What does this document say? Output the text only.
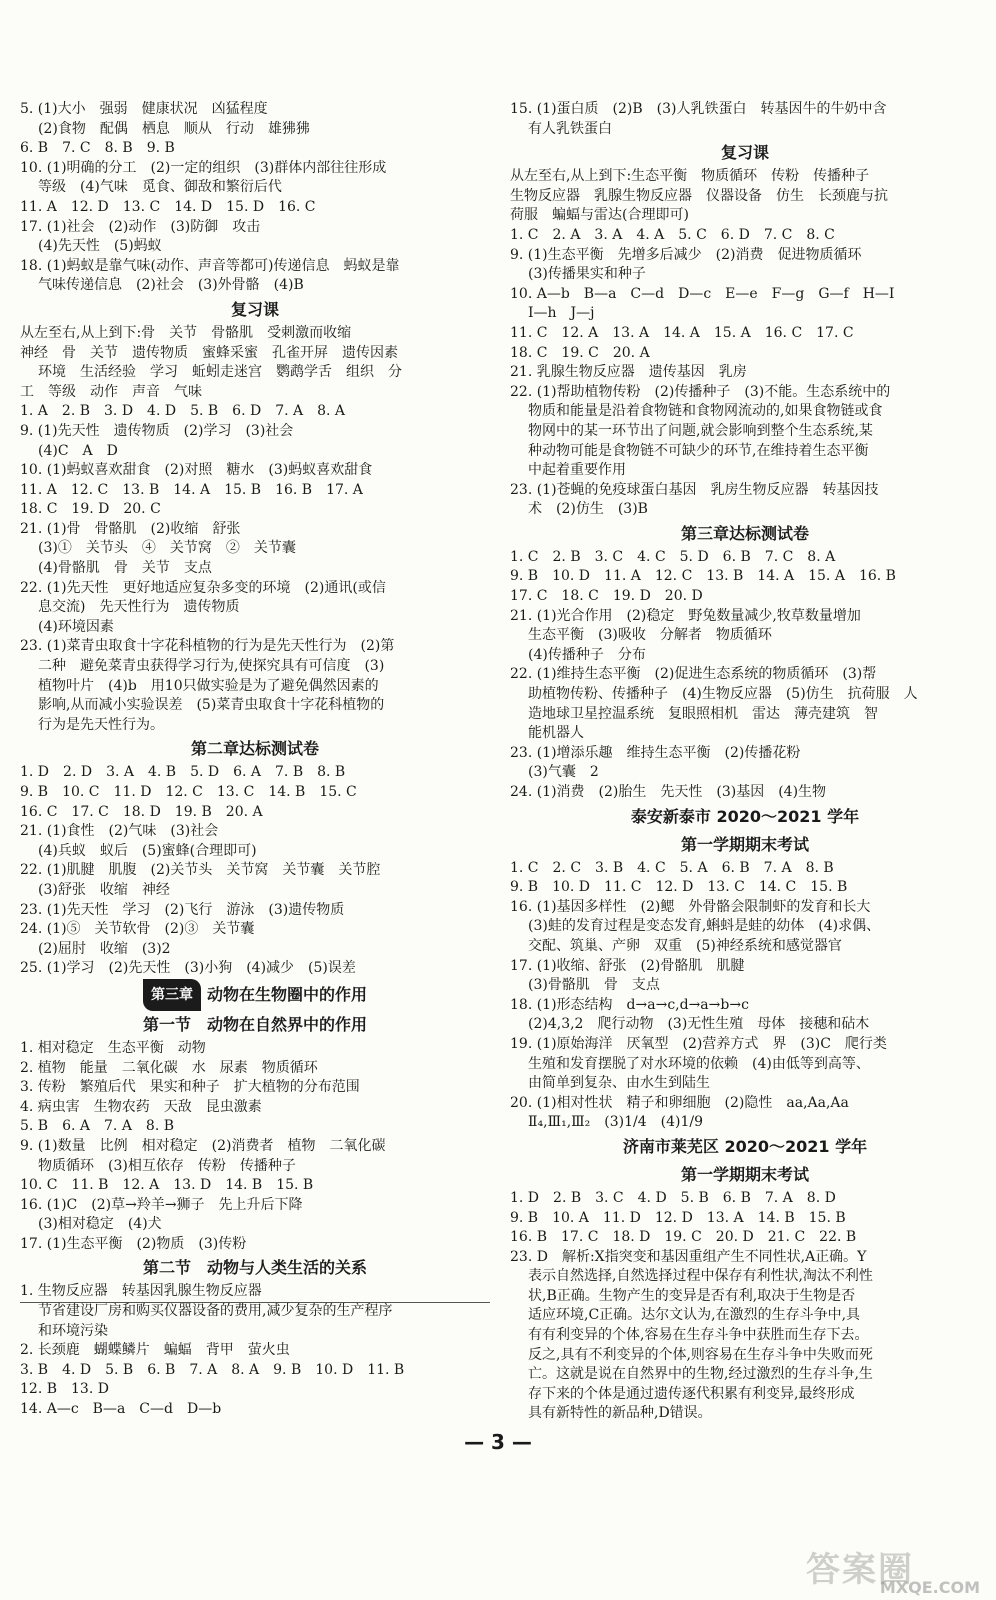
5. (1)大小　强弱　健康状况　凶猛程度
(2)食物　配偶　栖息　顺从　行动　雄狒狒
6. B　7. C　8. B　9. B
10. (1)明确的分工　(2)一定的组织　(3)群体内部往往形成
等级　(4)气味　觅食、御敌和繁衍后代
11. A　12. D　13. C　14. D　15. D　16. C
17. (1)社会　(2)动作　(3)防御　攻击
(4)先天性　(5)蚂蚁
18. (1)蚂蚁是靠气味(动作、声音等都可)传递信息　蚂蚁是靠
气味传递信息　(2)社会　(3)外骨骼　(4)B
复习课
从左至右,从上到下:骨　关节　骨骼肌　受刺激而收缩
神经　骨　关节　遗传物质　蜜蜂采蜜　孔雀开屏　遗传因素
环境　生活经验　学习　蚯蚓走迷宫　鹦鹉学舌　组织　分
工　等级　动作　声音　气味
1. A　2. B　3. D　4. D　5. B　6. D　7. A　8. A
9. (1)先天性　遗传物质　(2)学习　(3)社会
(4)C　A　D
10. (1)蚂蚁喜欢甜食　(2)对照　糖水　(3)蚂蚁喜欢甜食
11. A　12. C　13. B　14. A　15. B　16. B　17. A
18. C　19. D　20. C
21. (1)骨　骨骼肌　(2)收缩　舒张
(3)①　关节头　④　关节窝　②　关节囊
(4)骨骼肌　骨　关节　支点
22. (1)先天性　更好地适应复杂多变的环境　(2)通讯(或信
息交流)　先天性行为　遗传物质
(4)环境因素
23. (1)菜青虫取食十字花科植物的行为是先天性行为　(2)第
二种　避免菜青虫获得学习行为,使探究具有可信度　(3)
植物叶片　(4)b　用10只做实验是为了避免偶然因素的
影响,从而减小实验误差　(5)菜青虫取食十字花科植物的
行为是先天性行为。
第二章达标测试卷
1. D　2. D　3. A　4. B　5. D　6. A　7. B　8. B
9. B　10. C　11. D　12. C　13. C　14. B　15. C
16. C　17. C　18. D　19. B　20. A
21. (1)食性　(2)气味　(3)社会
(4)兵蚁　蚁后　(5)蜜蜂(合理即可)
22. (1)肌腱　肌腹　(2)关节头　关节窝　关节囊　关节腔
(3)舒张　收缩　神经
23. (1)先天性　学习　(2)飞行　游泳　(3)遗传物质
24. (1)⑤　关节软骨　(2)③　关节囊
(2)屈肘　收缩　(3)2
25. (1)学习　(2)先天性　(3)小狗　(4)减少　(5)误差
第三章 动物在生物圈中的作用
第一节　动物在自然界中的作用
1. 相对稳定　生态平衡　动物
2. 植物　能量　二氧化碳　水　尿素　物质循环
3. 传粉　繁殖后代　果实和种子　扩大植物的分布范围
4. 病虫害　生物农药　天敌　昆虫激素
5. B　6. A　7. A　8. B
9. (1)数量　比例　相对稳定　(2)消费者　植物　二氧化碳
物质循环　(3)相互依存　传粉　传播种子
10. C　11. B　12. A　13. D　14. B　15. B
16. (1)C　(2)草→羚羊→狮子　先上升后下降
(3)相对稳定　(4)犬
17. (1)生态平衡　(2)物质　(3)传粉
第二节　动物与人类生活的关系
1. 生物反应器　转基因乳腺生物反应器
节省建设厂房和购买仪器设备的费用,减少复杂的生产程序
和环境污染
2. 长颈鹿　蝴蝶鳞片　蝙蝠　背甲　萤火虫
3. B　4. D　5. B　6. B　7. A　8. A　9. B　10. D　11. B
12. B　13. D
14. A—c　B—a　C—d　D—b
15. (1)蛋白质　(2)B　(3)人乳铁蛋白　转基因牛的牛奶中含
有人乳铁蛋白
复习课
从左至右,从上到下:生态平衡　物质循环　传粉　传播种子
生物反应器　乳腺生物反应器　仪器设备　仿生　长颈鹿与抗
荷服　蝙蝠与雷达(合理即可)
1. C　2. A　3. A　4. A　5. C　6. D　7. C　8. C
9. (1)生态平衡　先增多后减少　(2)消费　促进物质循环
(3)传播果实和种子
10. A—b　B—a　C—d　D—c　E—e　F—g　G—f　H—I
I—h　J—j
11. C　12. A　13. A　14. A　15. A　16. C　17. C
18. C　19. C　20. A
21. 乳腺生物反应器　遗传基因　乳房
22. (1)帮助植物传粉　(2)传播种子　(3)不能。生态系统中的
物质和能量是沿着食物链和食物网流动的,如果食物链或食
物网中的某一环节出了问题,就会影响到整个生态系统,某
种动物可能是食物链不可缺少的环节,在维持着生态平衡
中起着重要作用
23. (1)苍蝇的免疫球蛋白基因　乳房生物反应器　转基因技
术　(2)仿生　(3)B
第三章达标测试卷
1. C　2. B　3. C　4. C　5. D　6. B　7. C　8. A
9. B　10. D　11. A　12. C　13. B　14. A　15. A　16. B
17. C　18. C　19. D　20. D
21. (1)光合作用　(2)稳定　野兔数量减少,牧草数量增加
生态平衡　(3)吸收　分解者　物质循环
(4)传播种子　分布
22. (1)维持生态平衡　(2)促进生态系统的物质循环　(3)帮
助植物传粉、传播种子　(4)生物反应器　(5)仿生　抗荷服　人
造地球卫星控温系统　复眼照相机　雷达　薄壳建筑　智
能机器人
23. (1)增添乐趣　维持生态平衡　(2)传播花粉
(3)气囊　2
24. (1)消费　(2)胎生　先天性　(3)基因　(4)生物
泰安新泰市 2020～2021 学年
第一学期期末考试
1. C　2. C　3. B　4. C　5. A　6. B　7. A　8. B
9. B　10. D　11. C　12. D　13. C　14. C　15. B
16. (1)基因多样性　(2)鳃　外骨骼会限制虾的发育和长大
(3)蛙的发育过程是变态发育,蝌蚪是蛙的幼体　(4)求偶、
交配、筑巢、产卵　双重　(5)神经系统和感觉器官
17. (1)收缩、舒张　(2)骨骼肌　肌腱
(3)骨骼肌　骨　支点
18. (1)形态结构　d→a→c,d→a→b→c
(2)4,3,2　爬行动物　(3)无性生殖　母体　接穗和砧木
19. (1)原始海洋　厌氧型　(2)营养方式　界　(3)C　爬行类
生殖和发育摆脱了对水环境的依赖　(4)由低等到高等、
由简单到复杂、由水生到陆生
20. (1)相对性状　精子和卵细胞　(2)隐性　aa,Aa,Aa
Ⅱ₄,Ⅲ₁,Ⅲ₂　(3)1/4　(4)1/9
济南市莱芜区 2020～2021 学年
第一学期期末考试
1. D　2. B　3. C　4. D　5. B　6. B　7. A　8. D
9. B　10. A　11. D　12. D　13. A　14. B　15. B
16. B　17. C　18. D　19. C　20. D　21. C　22. B
23. D　解析:X指突变和基因重组产生不同性状,A正确。Y
表示自然选择,自然选择过程中保存有利性状,淘汰不利性
状,B正确。生物产生的变异是否有利,取决于生物是否
适应环境,C正确。达尔文认为,在激烈的生存斗争中,具
有有利变异的个体,容易在生存斗争中获胜而生存下去。
反之,具有不利变异的个体,则容易在生存斗争中失败而死
亡。这就是说在自然界中的生物,经过激烈的生存斗争,生
存下来的个体是通过遗传逐代积累有利变异,最终形成
具有新特性的新品种,D错误。
— 3 —
答案圈
MXQE.COM
